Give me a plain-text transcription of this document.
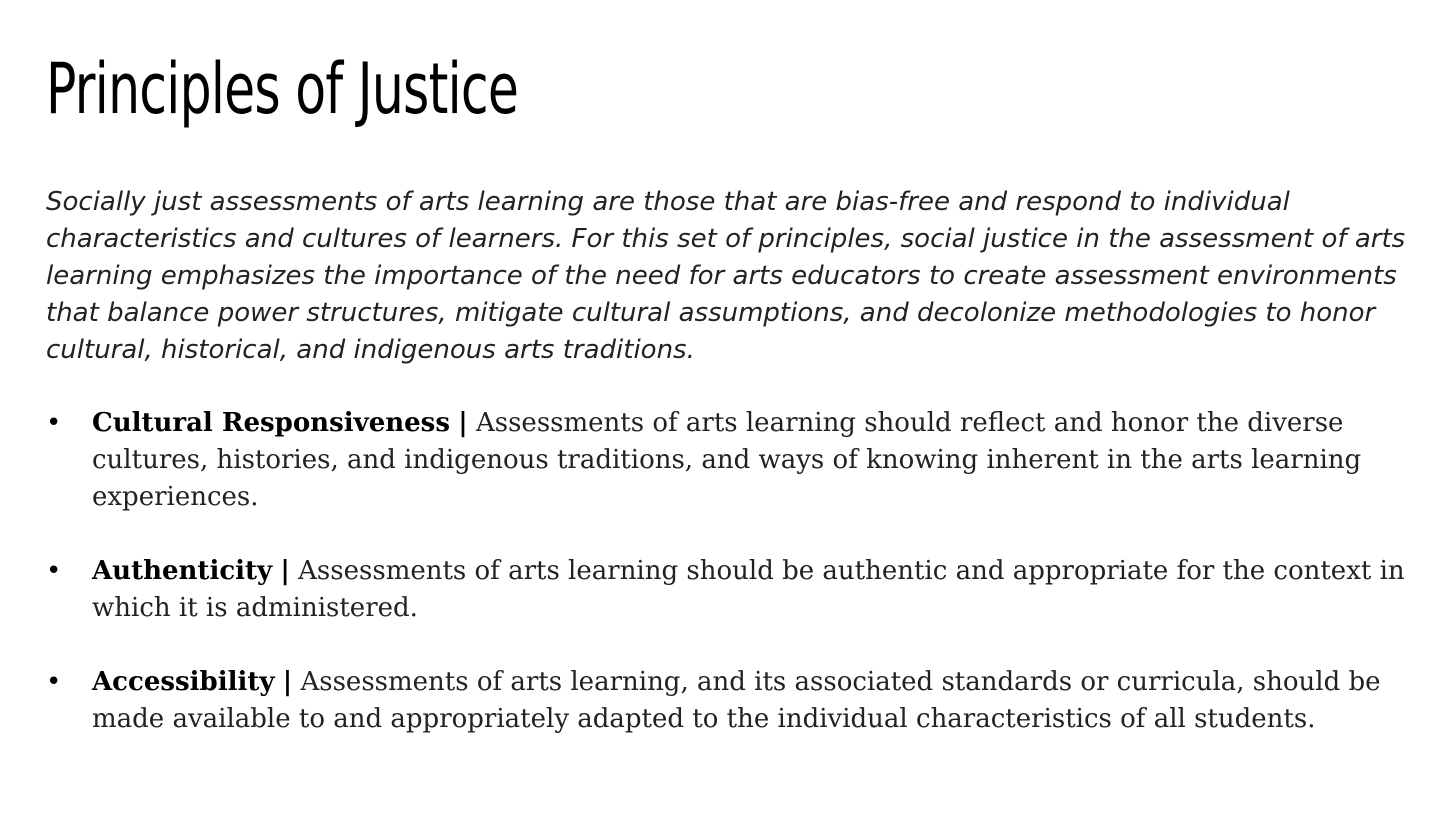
Principles of Justice

Socially just assessments of arts learning are those that are bias-free and respond to individual characteristics and cultures of learners. For this set of principles, social justice in the assessment of arts learning emphasizes the importance of the need for arts educators to create assessment environments that balance power structures, mitigate cultural assumptions, and decolonize methodologies to honor cultural, historical, and indigenous arts traditions.

• Cultural Responsiveness | Assessments of arts learning should reflect and honor the diverse cultures, histories, and indigenous traditions, and ways of knowing inherent in the arts learning experiences.
• Authenticity | Assessments of arts learning should be authentic and appropriate for the context in which it is administered.
• Accessibility | Assessments of arts learning, and its associated standards or curricula, should be made available to and appropriately adapted to the individual characteristics of all students.
